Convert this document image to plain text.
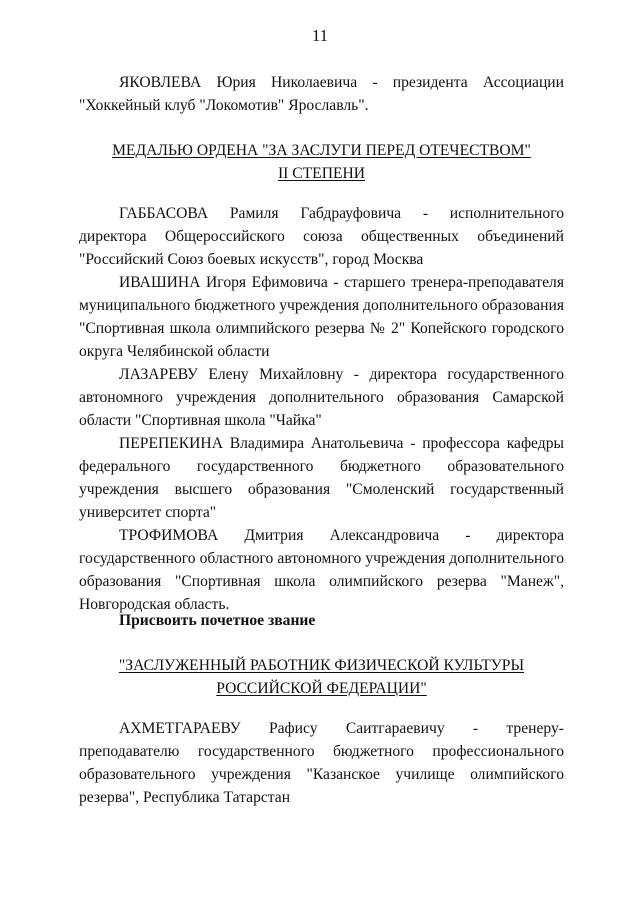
11

ЯКОВЛЕВА Юрия Николаевича - президента Ассоциации "Хоккейный клуб "Локомотив" Ярославль".

МЕДАЛЬЮ ОРДЕНА "ЗА ЗАСЛУГИ ПЕРЕД ОТЕЧЕСТВОМ"
II СТЕПЕНИ

ГАББАСОВА Рамиля Габдрауфовича - исполнительного директора Общероссийского союза общественных объединений "Российский Союз боевых искусств", город Москва

ИВАШИНА Игоря Ефимовича - старшего тренера-преподавателя муниципального бюджетного учреждения дополнительного образования "Спортивная школа олимпийского резерва № 2" Копейского городского округа Челябинской области

ЛАЗАРЕВУ Елену Михайловну - директора государственного автономного учреждения дополнительного образования Самарской области "Спортивная школа "Чайка"

ПЕРЕПЕКИНА Владимира Анатольевича - профессора кафедры федерального государственного бюджетного образовательного учреждения высшего образования "Смоленский государственный университет спорта"

ТРОФИМОВА Дмитрия Александровича - директора государственного областного автономного учреждения дополнительного образования "Спортивная школа олимпийского резерва "Манеж", Новгородская область.

Присвоить почетное звание
"ЗАСЛУЖЕННЫЙ РАБОТНИК ФИЗИЧЕСКОЙ КУЛЬТУРЫ
РОССИЙСКОЙ ФЕДЕРАЦИИ"

АХМЕТГАРАЕВУ Рафису Саитгараевичу - тренеру-преподавателю государственного бюджетного профессионального образовательного учреждения "Казанское училище олимпийского резерва", Республика Татарстан
